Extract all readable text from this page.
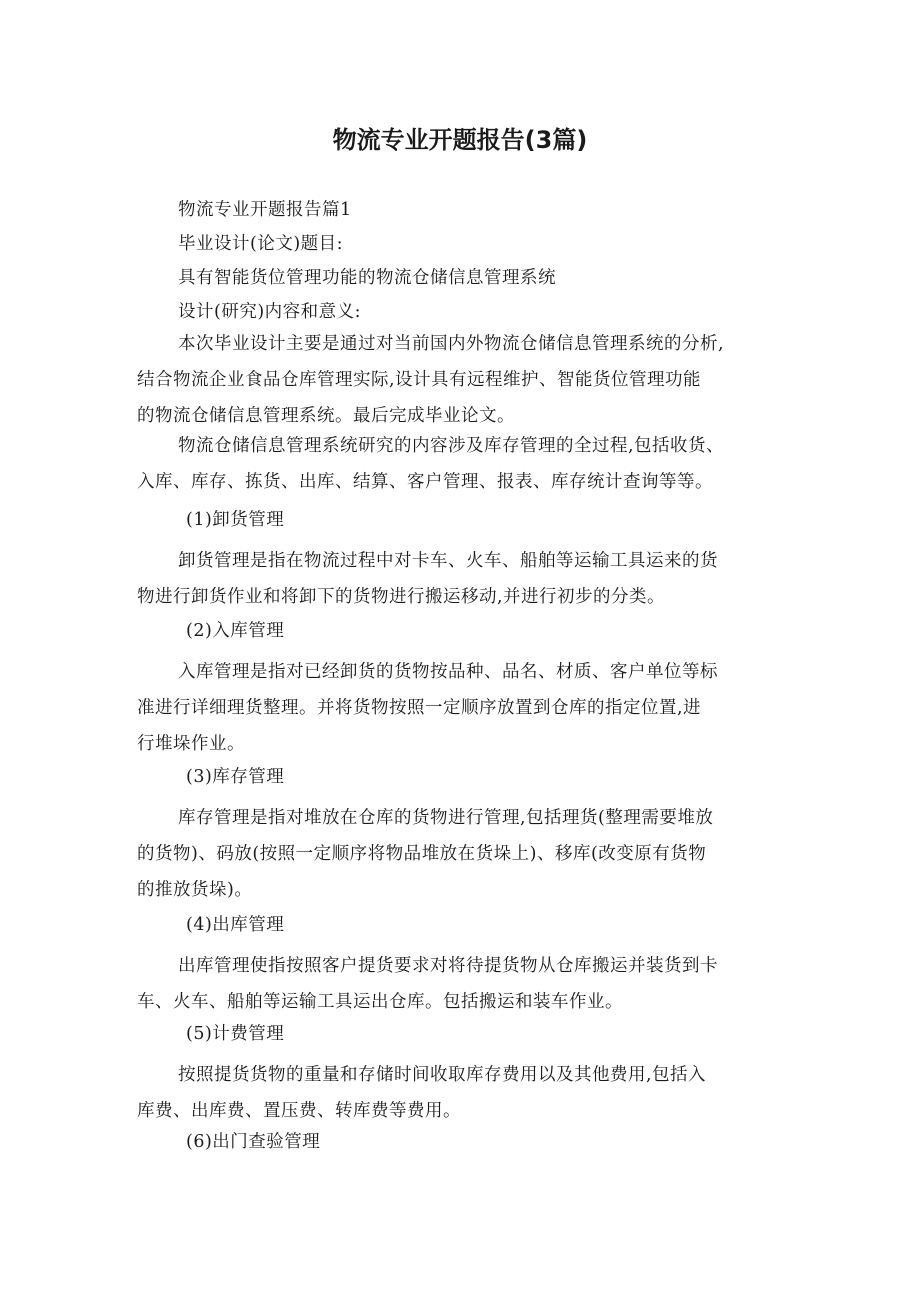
物流专业开题报告(3篇)
物流专业开题报告篇1
毕业设计(论文)题目:
具有智能货位管理功能的物流仓储信息管理系统
设计(研究)内容和意义:
本次毕业设计主要是通过对当前国内外物流仓储信息管理系统的分析,
结合物流企业食品仓库管理实际,设计具有远程维护、智能货位管理功能
的物流仓储信息管理系统。最后完成毕业论文。
物流仓储信息管理系统研究的内容涉及库存管理的全过程,包括收货、
入库、库存、拣货、出库、结算、客户管理、报表、库存统计查询等等。
(1)卸货管理
卸货管理是指在物流过程中对卡车、火车、船舶等运输工具运来的货
物进行卸货作业和将卸下的货物进行搬运移动,并进行初步的分类。
(2)入库管理
入库管理是指对已经卸货的货物按品种、品名、材质、客户单位等标
准进行详细理货整理。并将货物按照一定顺序放置到仓库的指定位置,进
行堆垛作业。
(3)库存管理
库存管理是指对堆放在仓库的货物进行管理,包括理货(整理需要堆放
的货物)、码放(按照一定顺序将物品堆放在货垛上)、移库(改变原有货物
的推放货垛)。
(4)出库管理
出库管理使指按照客户提货要求对将待提货物从仓库搬运并装货到卡
车、火车、船舶等运输工具运出仓库。包括搬运和装车作业。
(5)计费管理
按照提货货物的重量和存储时间收取库存费用以及其他费用,包括入
库费、出库费、置压费、转库费等费用。
(6)出门查验管理
